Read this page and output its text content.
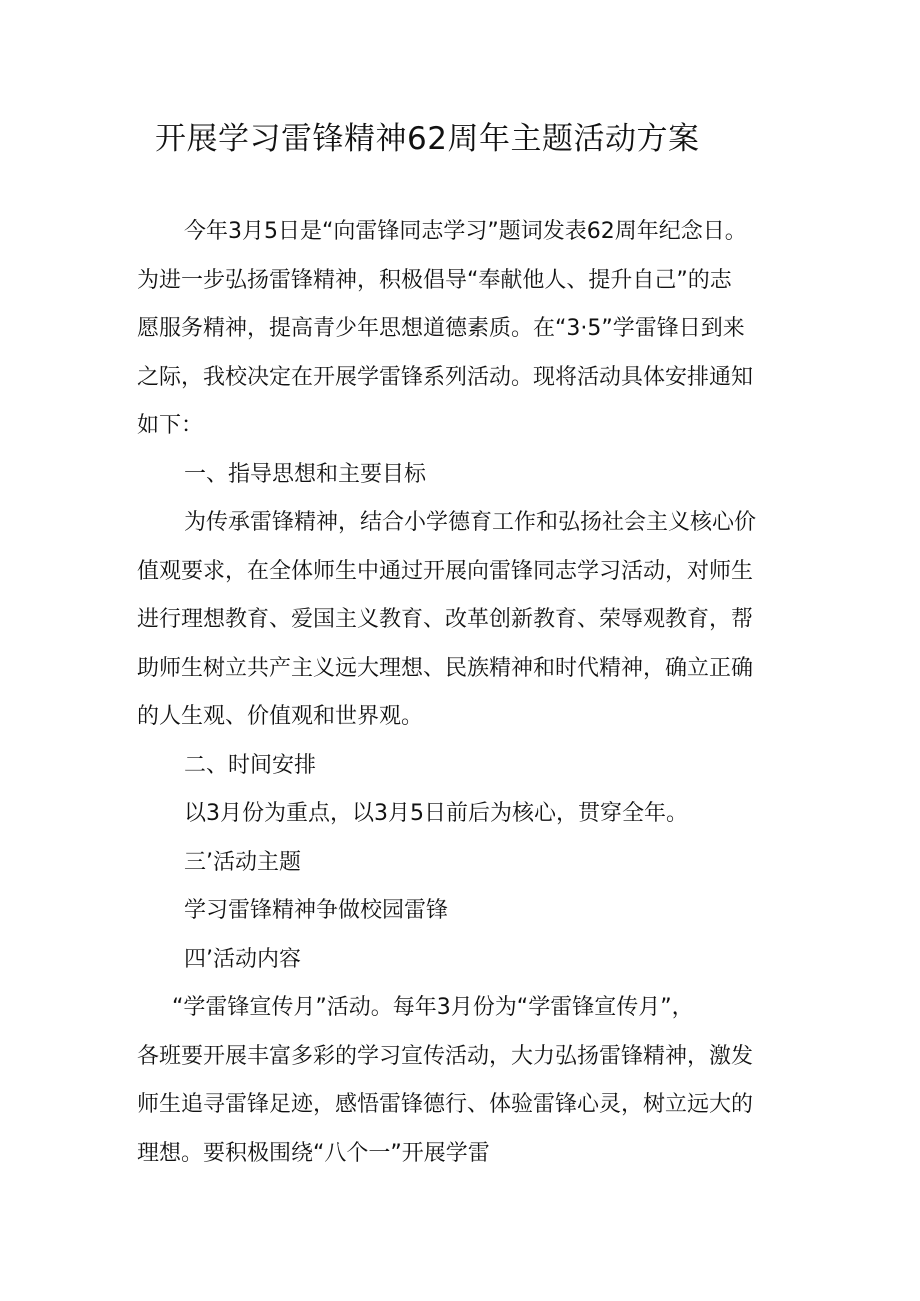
开展学习雷锋精神62周年主题活动方案

今年3月5日是“向雷锋同志学习”题词发表62周年纪念日。

为进一步弘扬雷锋精神，积极倡导“奉献他人、提升自己”的志

愿服务精神，提高青少年思想道德素质。在“3·5”学雷锋日到来

之际，我校决定在开展学雷锋系列活动。现将活动具体安排通知

如下：

一、指导思想和主要目标

为传承雷锋精神，结合小学德育工作和弘扬社会主义核心价

值观要求，在全体师生中通过开展向雷锋同志学习活动，对师生

进行理想教育、爱国主义教育、改革创新教育、荣辱观教育，帮

助师生树立共产主义远大理想、民族精神和时代精神，确立正确

的人生观、价值观和世界观。

二、时间安排

以3月份为重点，以3月5日前后为核心，贯穿全年。

三’活动主题

学习雷锋精神争做校园雷锋

四’活动内容

“学雷锋宣传月”活动。每年3月份为“学雷锋宣传月”，

各班要开展丰富多彩的学习宣传活动，大力弘扬雷锋精神，激发

师生追寻雷锋足迹，感悟雷锋德行、体验雷锋心灵，树立远大的

理想。要积极围绕“八个一”开展学雷
